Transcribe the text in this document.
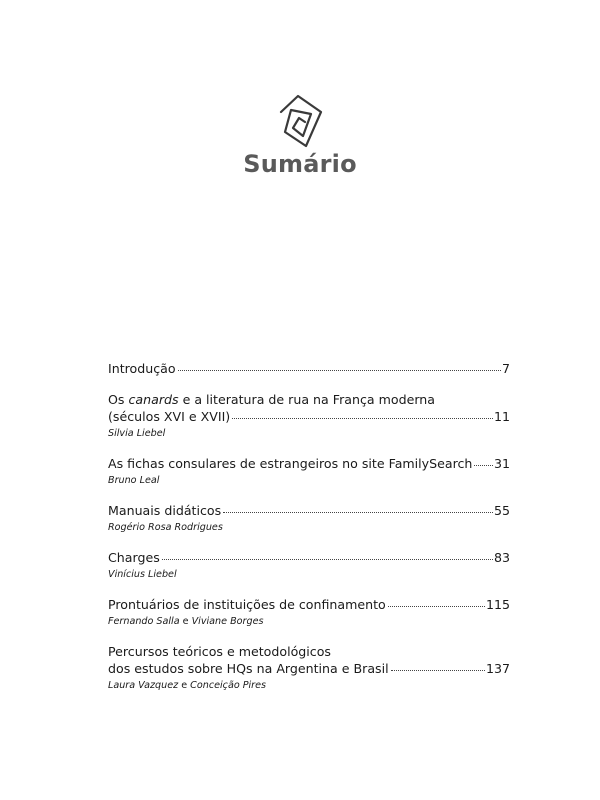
Sumário
Introdução	7
Os canards e a literatura de rua na França moderna
(séculos XVI e XVII)	11
Silvia Liebel
As fichas consulares de estrangeiros no site FamilySearch 31
Bruno Leal
Manuais didáticos	55
Rogério Rosa Rodrigues
Charges	83
Vinícius Liebel
Prontuários de instituições de confinamento	115
Fernando Salla e Viviane Borges
Percursos teóricos e metodológicos
dos estudos sobre HQs na Argentina e Brasil	137
Laura Vazquez e Conceição Pires
